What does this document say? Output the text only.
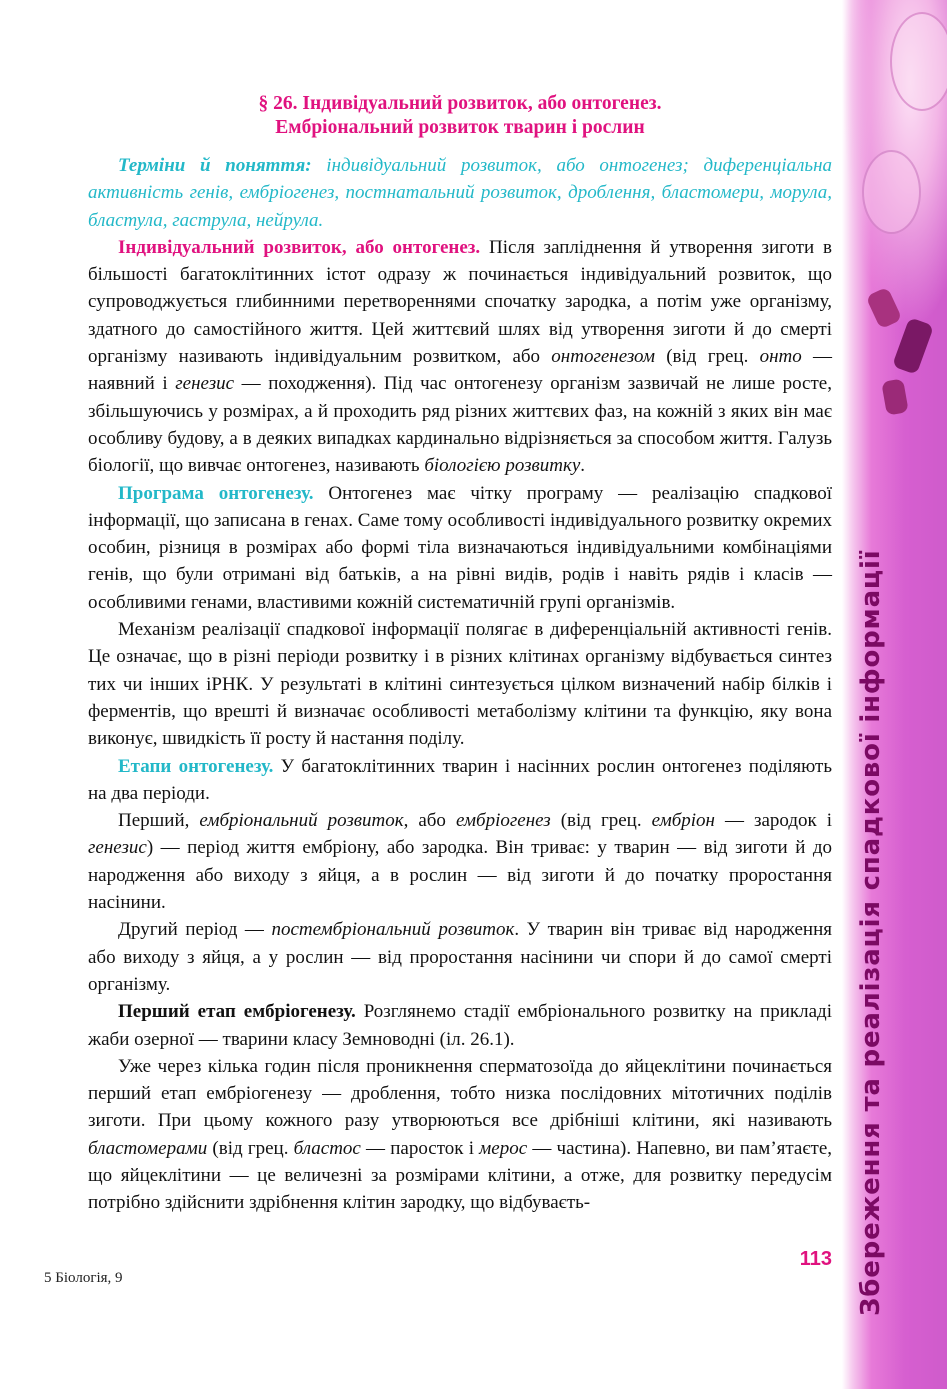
Збереження та реалізація спадкової інформації
§ 26. Індивідуальний розвиток, або онтогенез.
Ембріональний розвиток тварин і рослин

Терміни й поняття: індивідуальний розвиток, або онтогенез; диференціальна активність генів, ембріогенез, постнатальний розвиток, дроблення, бластомери, морула, бластула, гаструла, нейрула.

Індивідуальний розвиток, або онтогенез. Після запліднення й утворення зиготи в більшості багатоклітинних істот одразу ж починається індивідуальний розвиток, що супроводжується глибинними перетвореннями спочатку зародка, а потім уже організму, здатного до самостійного життя. Цей життєвий шлях від утворення зиготи й до смерті організму називають індивідуальним розвитком, або онтогенезом (від грец. онто — наявний і генезис — походження). Під час онтогенезу організм зазвичай не лише росте, збільшуючись у розмірах, а й проходить ряд різних життєвих фаз, на кожній з яких він має особливу будову, а в деяких випадках кардинально відрізняється за способом життя. Галузь біології, що вивчає онтогенез, називають біологією розвитку.

Програма онтогенезу. Онтогенез має чітку програму — реалізацію спадкової інформації, що записана в генах. Саме тому особливості індивідуального розвитку окремих особин, різниця в розмірах або формі тіла визначаються індивідуальними комбінаціями генів, що були отримані від батьків, а на рівні видів, родів і навіть рядів і класів — особливими генами, властивими кожній систематичній групі організмів.

Механізм реалізації спадкової інформації полягає в диференціальній активності генів. Це означає, що в різні періоди розвитку і в різних клітинах організму відбувається синтез тих чи інших іРНК. У результаті в клітині синтезується цілком визначений набір білків і ферментів, що врешті й визначає особливості метаболізму клітини та функцію, яку вона виконує, швидкість її росту й настання поділу.

Етапи онтогенезу. У багатоклітинних тварин і насінних рослин онтогенез поділяють на два періоди.

Перший, ембріональний розвиток, або ембріогенез (від грец. ембріон — зародок і генезис) — період життя ембріону, або зародка. Він триває: у тварин — від зиготи й до народження або виходу з яйця, а в рослин — від зиготи й до початку проростання насінини.

Другий період — постембріональний розвиток. У тварин він триває від народження або виходу з яйця, а у рослин — від проростання насінини чи спори й до самої смерті організму.

Перший етап ембріогенезу. Розглянемо стадії ембріонального розвитку на прикладі жаби озерної — тварини класу Земноводні (іл. 26.1).

Уже через кілька годин після проникнення сперматозоїда до яйцеклітини починається перший етап ембріогенезу — дроблення, тобто низка послідовних мітотичних поділів зиготи. При цьому кожного разу утворюються все дрібніші клітини, які називають бластомерами (від грец. бластос — паросток і мерос — частина). Напевно, ви пам’ятаєте, що яйцеклітини — це величезні за розмірами клітини, а отже, для розвитку передусім потрібно здійснити здрібнення клітин зародку, що відбуваєть-

113
5 Біологія, 9
